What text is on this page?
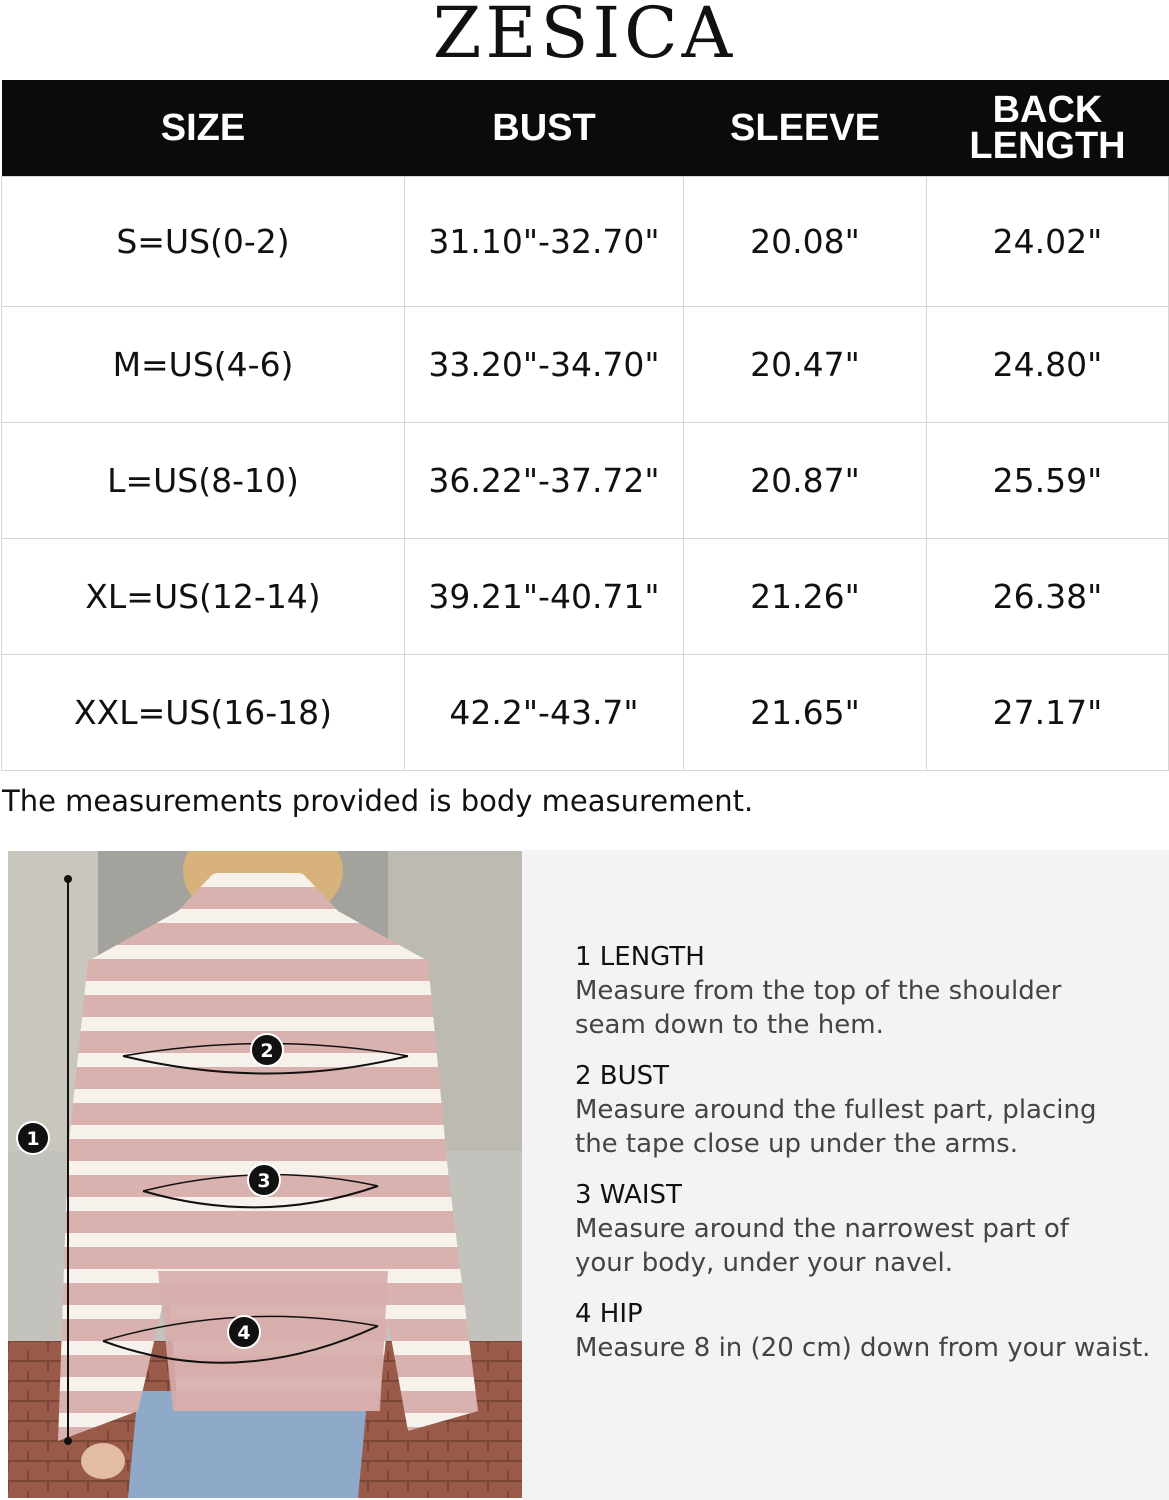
ZESICA
SIZE	BUST	SLEEVE	BACK LENGTH

S=US(0-2)	31.10"-32.70"	20.08"	24.02"
M=US(4-6)	33.20"-34.70"	20.47"	24.80"
L=US(8-10)	36.22"-37.72"	20.87"	25.59"
XL=US(12-14)	39.21"-40.71"	21.26"	26.38"
XXL=US(16-18)	42.2"-43.7"	21.65"	27.17"
The measurements provided is body measurement.
1
2
3
4
1 LENGTH
Measure from the top of the shoulder
seam down to the hem.
2 BUST
Measure around the fullest part, placing
the tape close up under the arms.
3 WAIST
Measure around the narrowest part of
your body, under your navel.
4 HIP
Measure 8 in (20 cm) down from your waist.
